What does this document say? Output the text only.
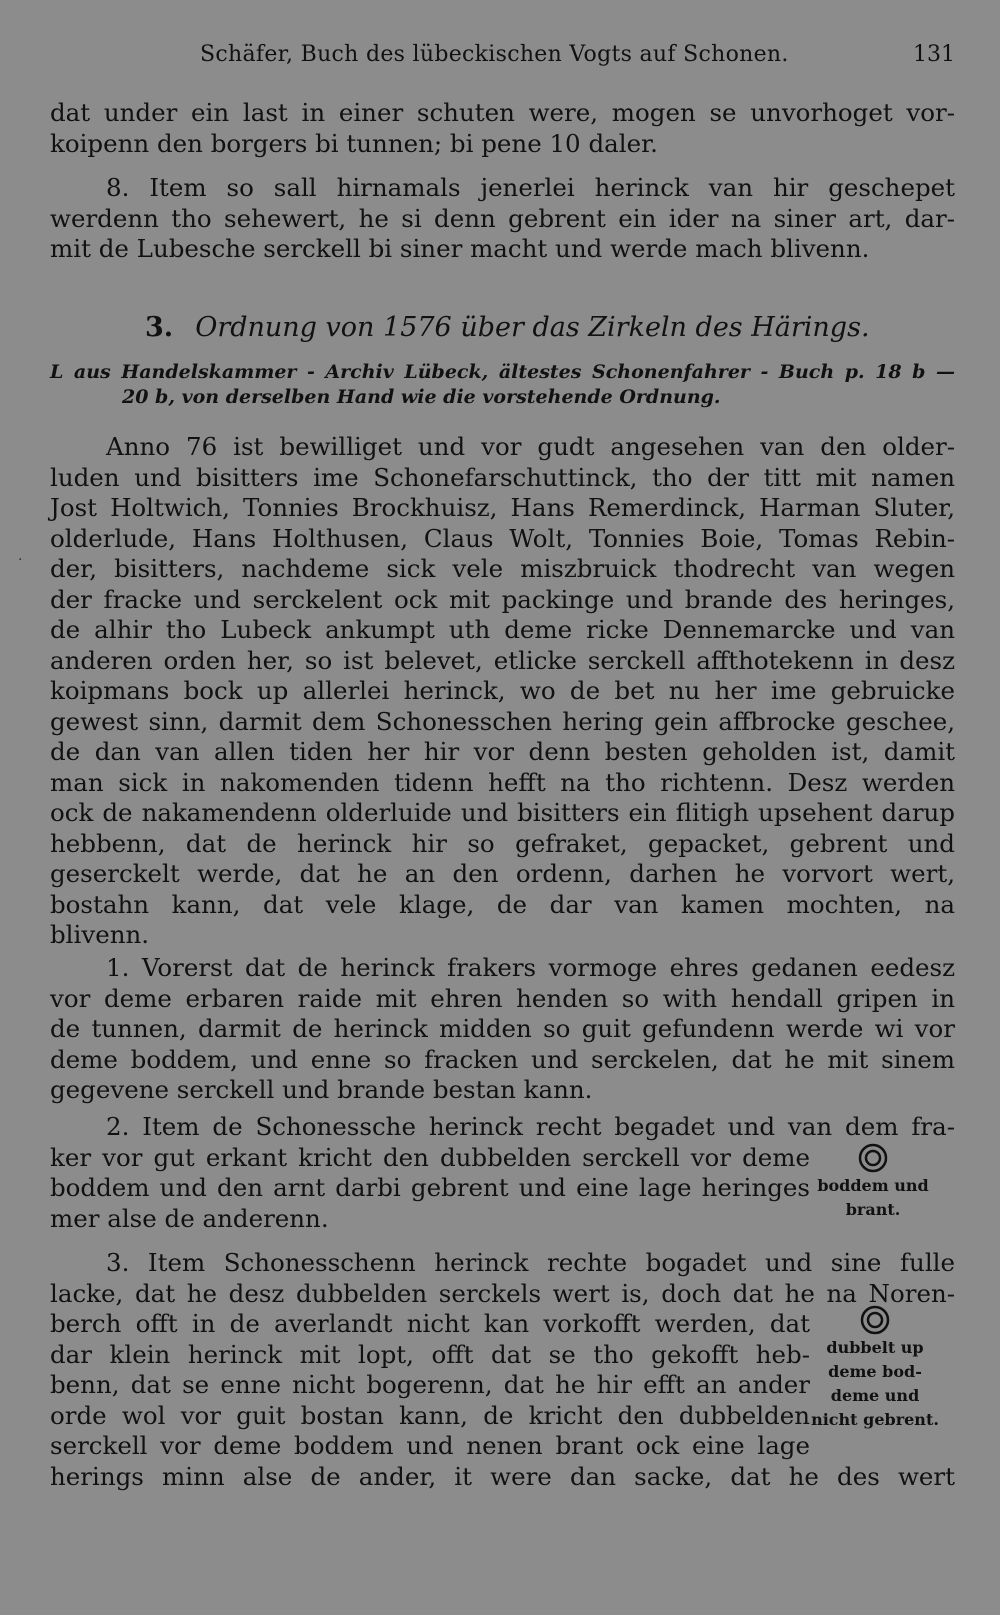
Schäfer, Buch des lübeckischen Vogts auf Schonen.	131
dat under ein last in einer schuten were, mogen se unvorhoget vor-
koipenn den borgers bi tunnen; bi pene 10 daler.
8. Item so sall hirnamals jenerlei herinck van hir geschepet
werdenn tho sehewert, he si denn gebrent ein ider na siner art, dar-
mit de Lubesche serckell bi siner macht und werde mach blivenn.
3. Ordnung von 1576 über das Zirkeln des Härings.
L aus Handelskammer - Archiv Lübeck, ältestes Schonenfahrer - Buch p. 18 b —
20 b, von derselben Hand wie die vorstehende Ordnung.
Anno 76 ist bewilliget und vor gudt angesehen van den older-
luden und bisitters ime Schonefarschuttinck, tho der titt mit namen
Jost Holtwich, Tonnies Brockhuisz, Hans Remerdinck, Harman Sluter,
olderlude, Hans Holthusen, Claus Wolt, Tonnies Boie, Tomas Rebin-
der, bisitters, nachdeme sick vele miszbruick thodrecht van wegen
der fracke und serckelent ock mit packinge und brande des heringes,
de alhir tho Lubeck ankumpt uth deme ricke Dennemarcke und van
anderen orden her, so ist belevet, etlicke serckell affthotekenn in desz
koipmans bock up allerlei herinck, wo de bet nu her ime gebruicke
gewest sinn, darmit dem Schonesschen hering gein affbrocke geschee,
de dan van allen tiden her hir vor denn besten geholden ist, damit
man sick in nakomenden tidenn hefft na tho richtenn. Desz werden
ock de nakamendenn olderluide und bisitters ein flitigh upsehent darup
hebbenn, dat de herinck hir so gefraket, gepacket, gebrent und
geserckelt werde, dat he an den ordenn, darhen he vorvort wert,
bostahn kann, dat vele klage, de dar van kamen mochten, na
blivenn.
1. Vorerst dat de herinck frakers vormoge ehres gedanen eedesz
vor deme erbaren raide mit ehren henden so with hendall gripen in
de tunnen, darmit de herinck midden so guit gefundenn werde wi vor
deme boddem, und enne so fracken und serckelen, dat he mit sinem
gegevene serckell und brande bestan kann.
2. Item de Schonessche herinck recht begadet und van dem fra-
ker vor gut erkant kricht den dubbelden serckell vor deme
boddem und den arnt darbi gebrent und eine lage heringes
mer alse de anderenn.
boddem und
brant.
3. Item Schonesschenn herinck rechte bogadet und sine fulle
lacke, dat he desz dubbelden serckels wert is, doch dat he na Noren-
berch offt in de averlandt nicht kan vorkofft werden, dat
dar klein herinck mit lopt, offt dat se tho gekofft heb-
benn, dat se enne nicht bogerenn, dat he hir efft an ander
orde wol vor guit bostan kann, de kricht den dubbelden
serckell vor deme boddem und nenen brant ock eine lage
herings minn alse de ander, it were dan sacke, dat he des wert
dubbelt up
deme bod-
deme und
nicht gebrent.
·
